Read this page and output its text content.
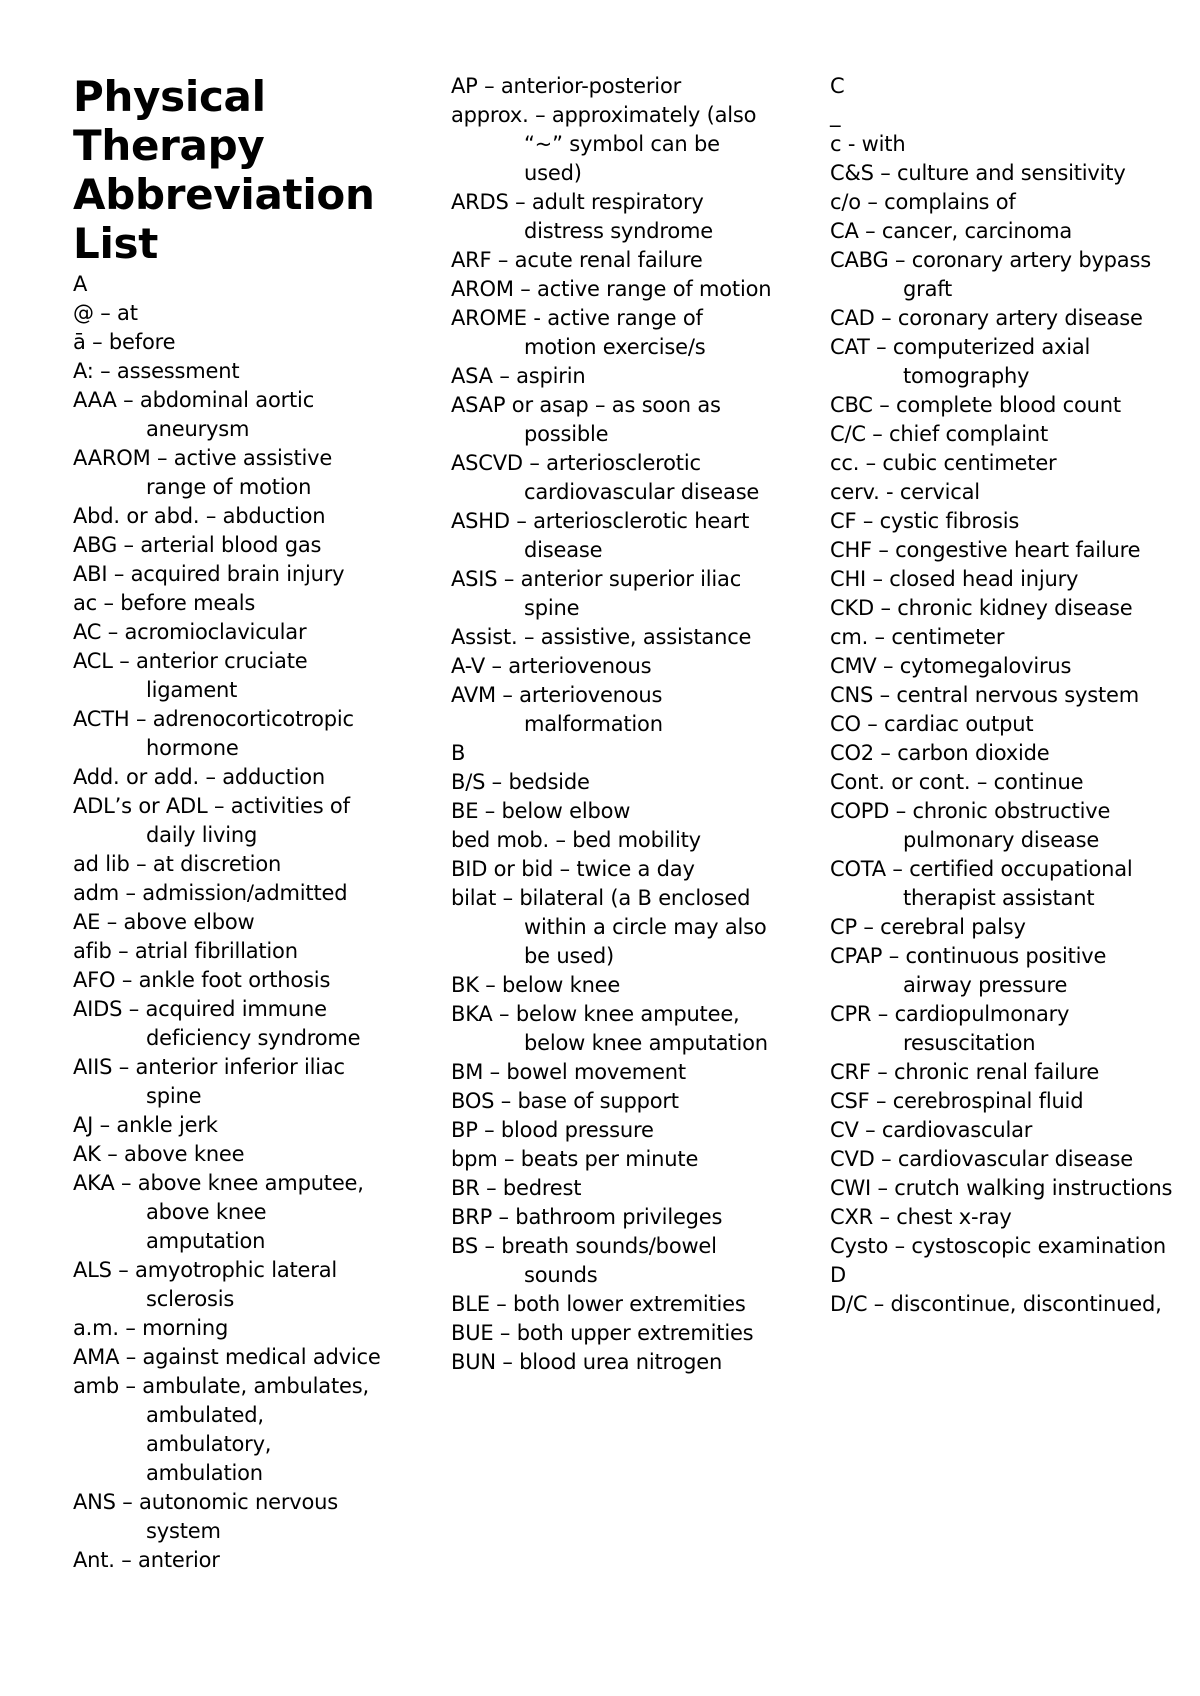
Physical Therapy Abbreviation List

A

@ – at

ā – before

A: – assessment

AAA – abdominal aortic aneurysm

AAROM – active assistive range of motion

Abd. or abd. – abduction

ABG – arterial blood gas

ABI – acquired brain injury

ac – before meals

AC – acromioclavicular

ACL – anterior cruciate ligament

ACTH – adrenocorticotropic hormone

Add. or add. – adduction

ADL’s or ADL – activities of daily living

ad lib – at discretion

adm – admission/admitted

AE – above elbow

afib – atrial fibrillation

AFO – ankle foot orthosis

AIDS – acquired immune deficiency syndrome

AIIS – anterior inferior iliac spine

AJ – ankle jerk

AK – above knee

AKA – above knee amputee, above knee amputation

ALS – amyotrophic lateral sclerosis

a.m. – morning

AMA – against medical advice

amb – ambulate, ambulates, ambulated, ambulatory, ambulation

ANS – autonomic nervous system

Ant. – anterior

AP – anterior-posterior

approx. – approximately (also “~” symbol can be used)

ARDS – adult respiratory distress syndrome

ARF – acute renal failure

AROM – active range of motion

AROME - active range of motion exercise/s

ASA – aspirin

ASAP or asap – as soon as possible

ASCVD – arteriosclerotic cardiovascular disease

ASHD – arteriosclerotic heart disease

ASIS – anterior superior iliac spine

Assist. – assistive, assistance

A-V – arteriovenous

AVM – arteriovenous malformation

B

B/S – bedside

BE – below elbow

bed mob. – bed mobility

BID or bid – twice a day

bilat – bilateral (a B enclosed within a circle may also be used)

BK – below knee

BKA – below knee amputee, below knee amputation

BM – bowel movement

BOS – base of support

BP – blood pressure

bpm – beats per minute

BR – bedrest

BRP – bathroom privileges

BS – breath sounds/bowel sounds

BLE – both lower extremities

BUE – both upper extremities

BUN – blood urea nitrogen

C

_

c - with

C&S – culture and sensitivity

c/o – complains of

CA – cancer, carcinoma

CABG – coronary artery bypass graft

CAD – coronary artery disease

CAT – computerized axial tomography

CBC – complete blood count

C/C – chief complaint

cc. – cubic centimeter

cerv. - cervical

CF – cystic fibrosis

CHF – congestive heart failure

CHI – closed head injury

CKD – chronic kidney disease

cm. – centimeter

CMV – cytomegalovirus

CNS – central nervous system

CO – cardiac output

CO2 – carbon dioxide

Cont. or cont. – continue

COPD – chronic obstructive pulmonary disease

COTA – certified occupational therapist assistant

CP – cerebral palsy

CPAP – continuous positive airway pressure

CPR – cardiopulmonary resuscitation

CRF – chronic renal failure

CSF – cerebrospinal fluid

CV – cardiovascular

CVD – cardiovascular disease

CWI – crutch walking instructions

CXR – chest x-ray

Cysto – cystoscopic examination

D

D/C – discontinue, discontinued,
